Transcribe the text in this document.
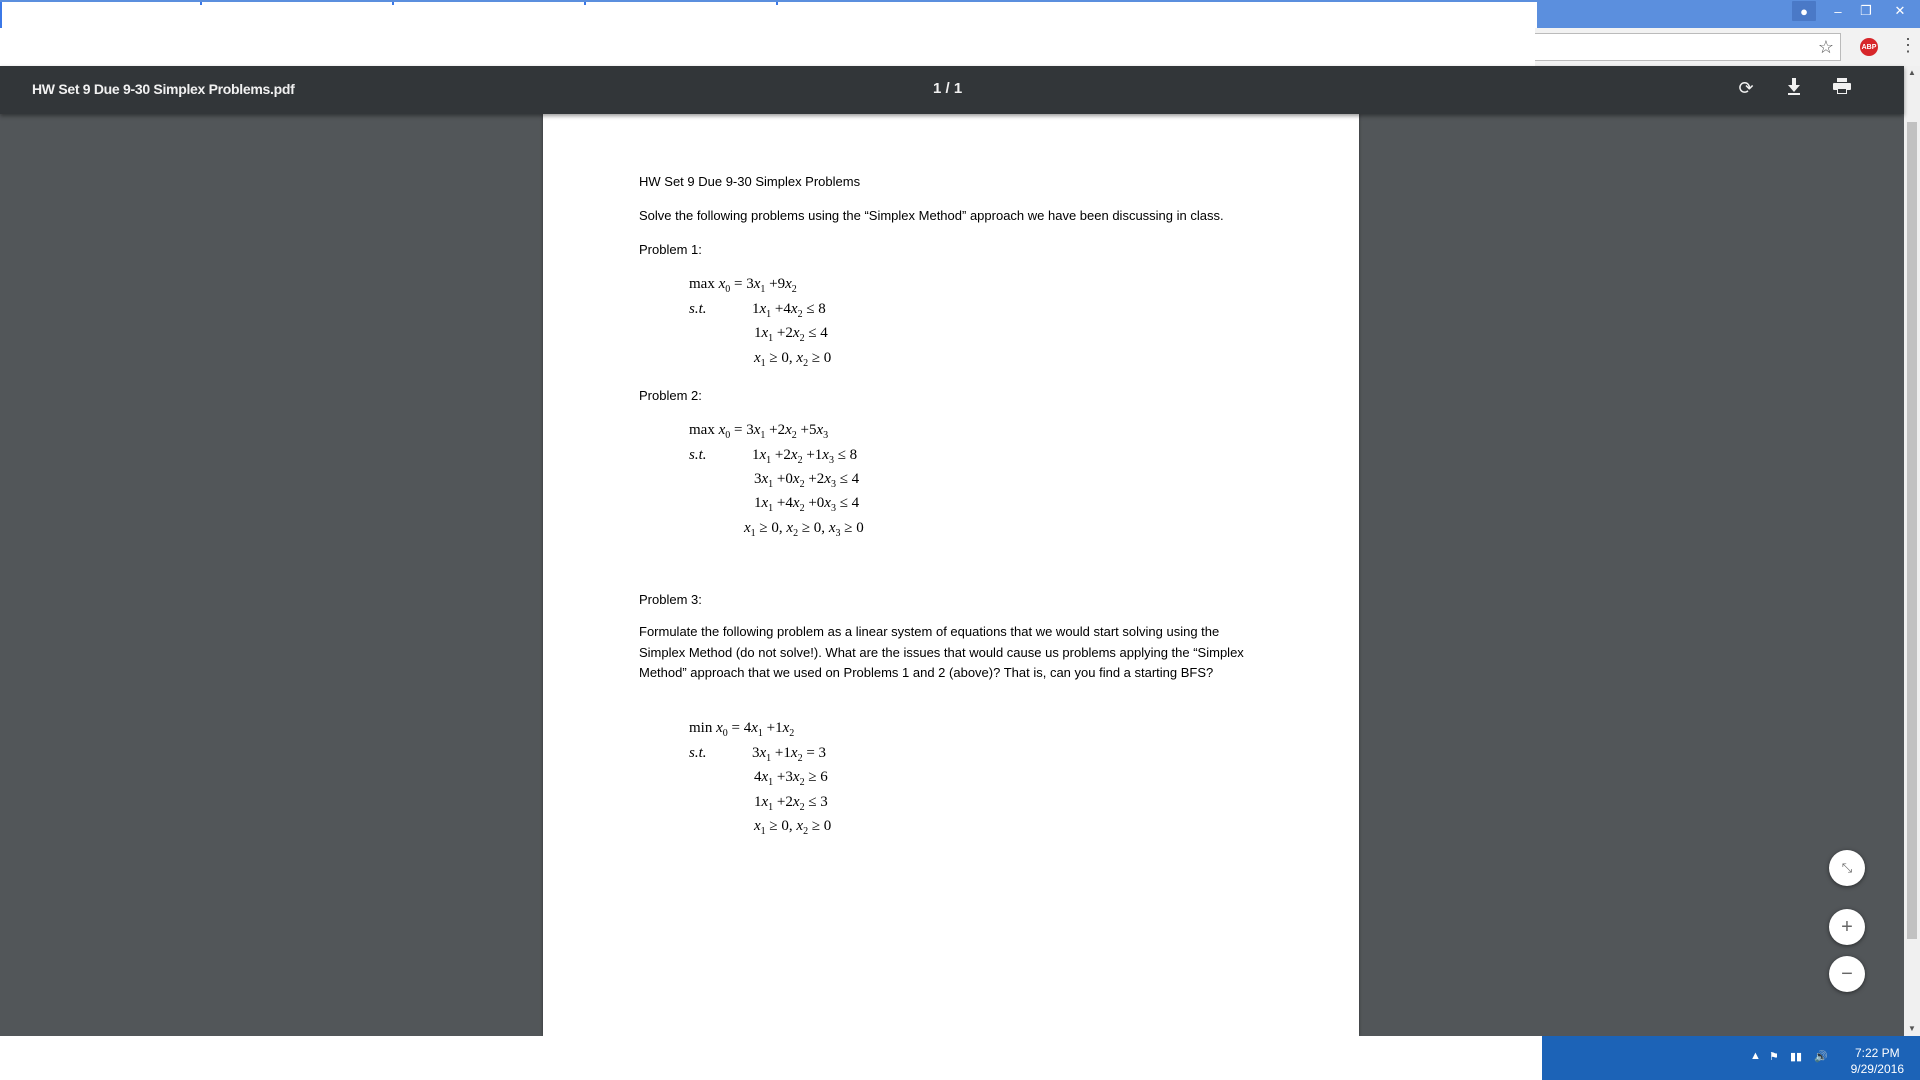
●	–	❐	✕
☆	ABP ⋮
HW Set 9 Due 9-30 Simplex Problems.pdf	1 / 1	⟳
▲
▼
HW Set 9 Due 9-30 Simplex Problems
Solve the following problems using the “Simplex Method” approach we have been discussing in class.
Problem 1:
$\max x_0 = 3x_1 +9x_2$
s.t.	$1x_1 +4x_2 \le 8$
$1x_1 +2x_2 \le 4$
$x_1 \ge 0$, $x_2 \ge 0$
Problem 2:
$\max x_0 = 3x_1 +2x_2 +5x_3$
s.t.	$1x_1 +2x_2 +1x_3 \le 8$
$3x_1 +0x_2 +2x_3 \le 4$
$1x_1 +4x_2 +0x_3 \le 4$
$x_1 \ge 0$, $x_2 \ge 0$, $x_3 \ge 0$
Problem 3:
Formulate the following problem as a linear system of equations that we would start solving using the Simplex Method (do not solve!). What are the issues that would cause us problems applying the “Simplex Method” approach that we used on Problems 1 and 2 (above)? That is, can you find a starting BFS?
$\min x_0 = 4x_1 +1x_2$
s.t.	$3x_1 +1x_2 = 3$
$4x_1 +3x_2 \ge 6$
$1x_1 +2x_2 \le 3$
$x_1 \ge 0$, $x_2 \ge 0$
⤡
+
−
▲ ⚑ ▮▮ 🔊	7:22 PM
9/29/2016
